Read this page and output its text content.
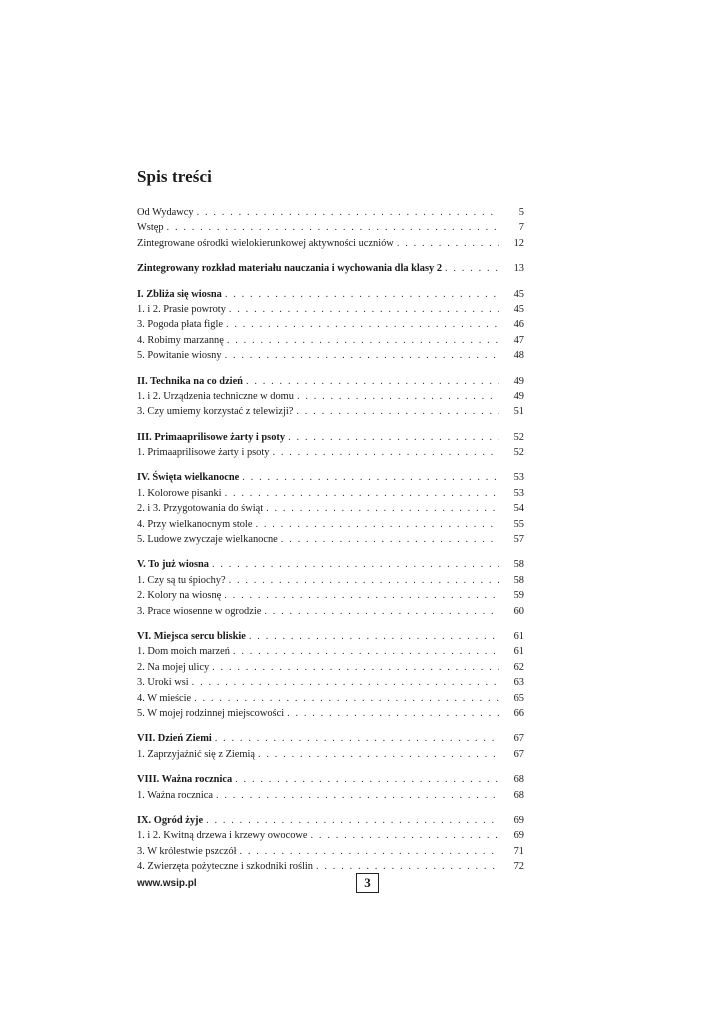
Spis treści
Od Wydawcy . . .	5
Wstęp . . .	7
Zintegrowane ośrodki wielokierunkowej aktywności uczniów . . .	12
Zintegrowany rozkład materiału nauczania i wychowania dla klasy 2 . . .	13
I. Zbliża się wiosna . . .	45
1. i 2. Prasie powroty . . .	45
3. Pogoda płata figle . . .	46
4. Robimy marzannę . . .	47
5. Powitanie wiosny . . .	48
II. Technika na co dzień . . .	49
1. i 2. Urządzenia techniczne w domu . . .	49
3. Czy umiemy korzystać z telewizji? . . .	51
III. Primaaprilisowe żarty i psoty . . .	52
1. Primaaprilisowe żarty i psoty . . .	52
IV. Święta wielkanocne . . .	53
1. Kolorowe pisanki . . .	53
2. i 3. Przygotowania do świąt . . .	54
4. Przy wielkanocnym stole . . .	55
5. Ludowe zwyczaje wielkanocne . . .	57
V. To już wiosna . . .	58
1. Czy są tu śpiochy? . . .	58
2. Kolory na wiosnę . . .	59
3. Prace wiosenne w ogrodzie . . .	60
VI. Miejsca sercu bliskie . . .	61
1. Dom moich marzeń . . .	61
2. Na mojej ulicy . . .	62
3. Uroki wsi . . .	63
4. W mieście . . .	65
5. W mojej rodzinnej miejscowości . . .	66
VII. Dzień Ziemi . . .	67
1. Zaprzyjaźnić się z Ziemią . . .	67
VIII. Ważna rocznica . . .	68
1. Ważna rocznica . . .	68
IX. Ogród żyje . . .	69
1. i 2. Kwitną drzewa i krzewy owocowe . . .	69
3. W królestwie pszczół . . .	71
4. Zwierzęta pożyteczne i szkodniki roślin . . .	72
www.wsip.pl	3
